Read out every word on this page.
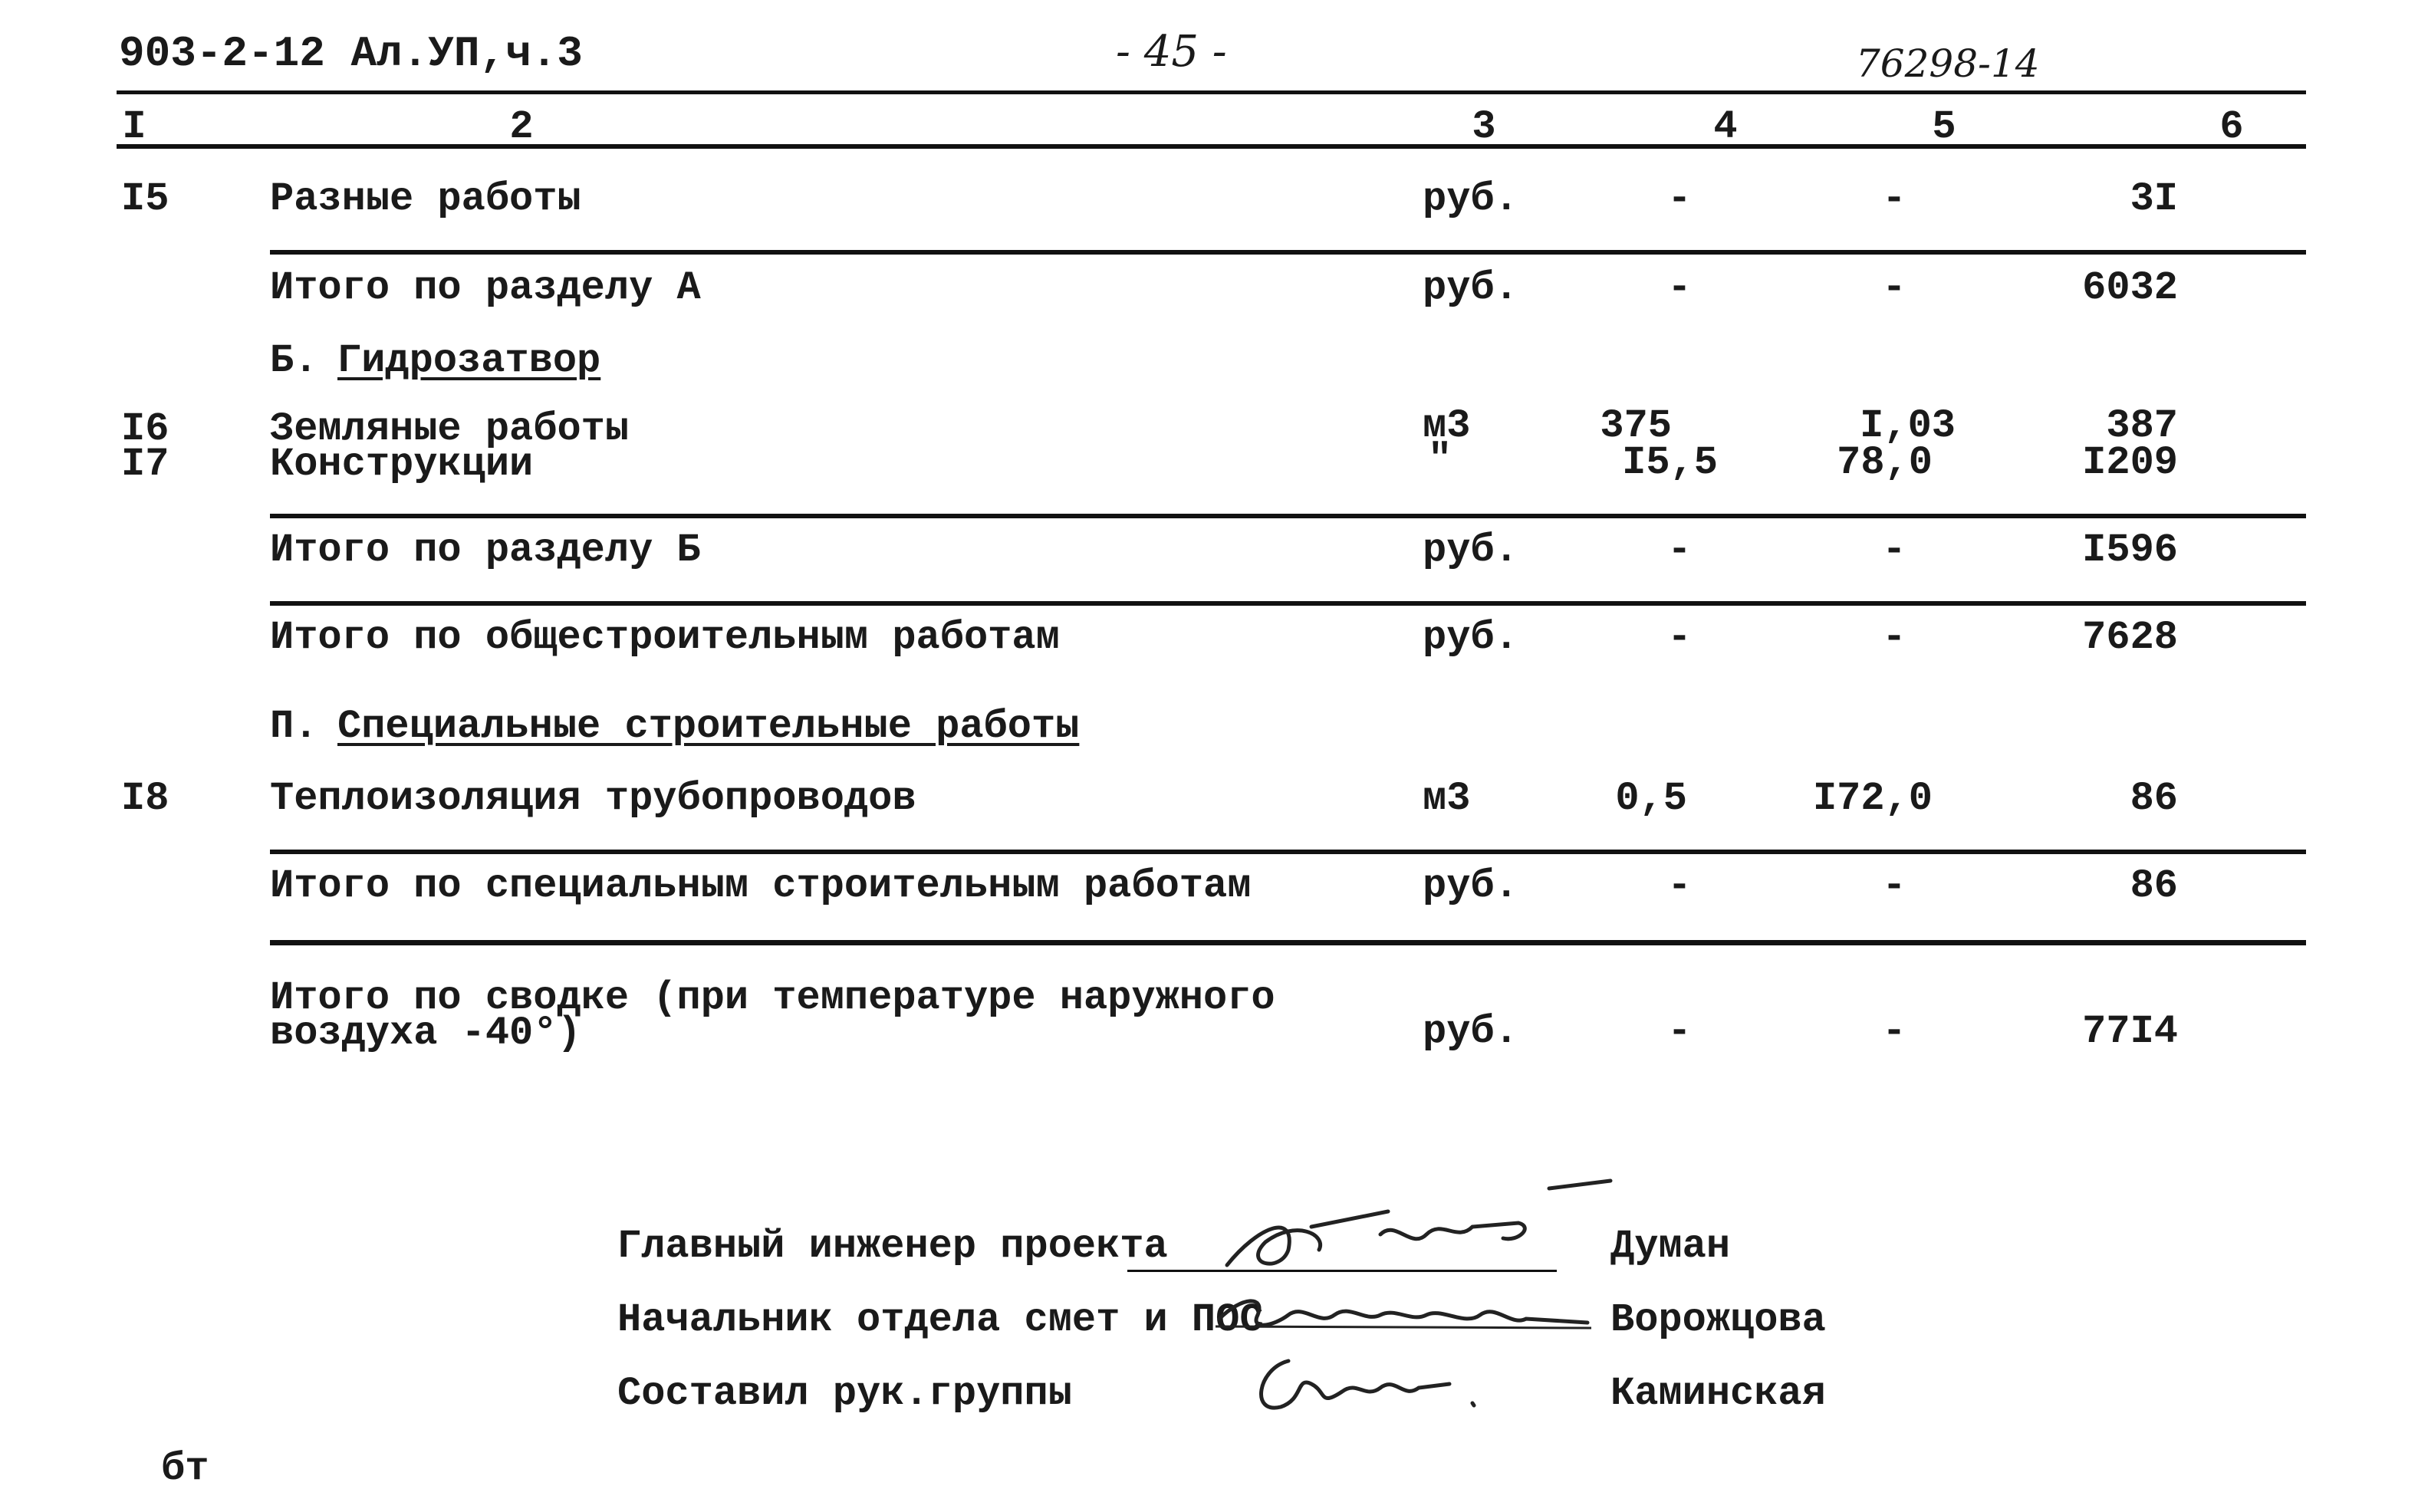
903-2-12 Ал.УП,ч.3	- 45 -	76298-14
I	2	3	4	5	6
I5	Разные работы	руб.	-	-	3I
Итого по разделу А	руб.	-	-	6032
Б. Гидрозатвор
I6	Земляные работы	м3	375	I,03	387
I7	Конструкции	"	I5,5	78,0	I209
Итого по разделу Б	руб.	-	-	I596
Итого по общестроительным работам	руб.	-	-	7628
П. Специальные строительные работы
I8	Теплоизоляция трубопроводов	м3	0,5	I72,0	86
Итого по специальным строительным работам	руб.	-	-	86
Итого по сводке (при температуре наружного
воздуха -40°)	руб.	-	-	77I4
Главный инженер проекта	Думан
Начальник отдела смет и ПОС	Ворожцова
Составил рук.группы	Каминская
бт
